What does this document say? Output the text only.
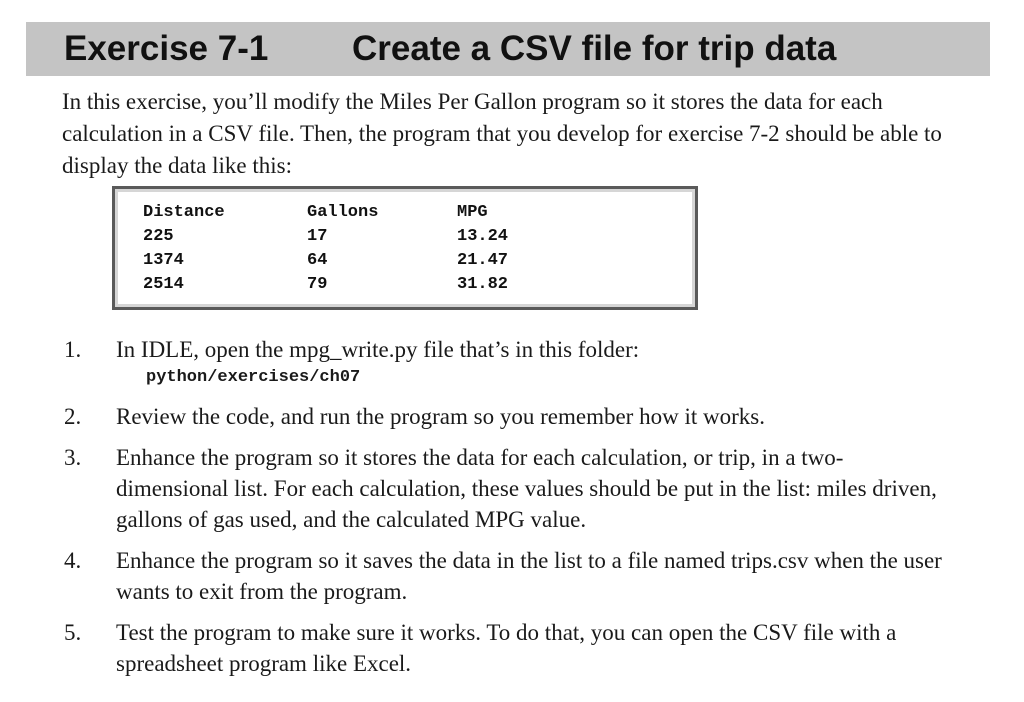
Exercise 7-1 Create a CSV file for trip data

In this exercise, you’ll modify the Miles Per Gallon program so it stores the data for each calculation in a CSV file. Then, the program that you develop for exercise 7-2 should be able to display the data like this:

Distance	Gallons	MPG
225	17	13.24
1374	64	21.47
2514	79	31.82
1. In IDLE, open the mpg_write.py file that’s in this folder:
python/exercises/ch07
2. Review the code, and run the program so you remember how it works.
3. Enhance the program so it stores the data for each calculation, or trip, in a two-dimensional list. For each calculation, these values should be put in the list: miles driven, gallons of gas used, and the calculated MPG value.
4. Enhance the program so it saves the data in the list to a file named trips.csv when the user wants to exit from the program.
5. Test the program to make sure it works. To do that, you can open the CSV file with a spreadsheet program like Excel.
